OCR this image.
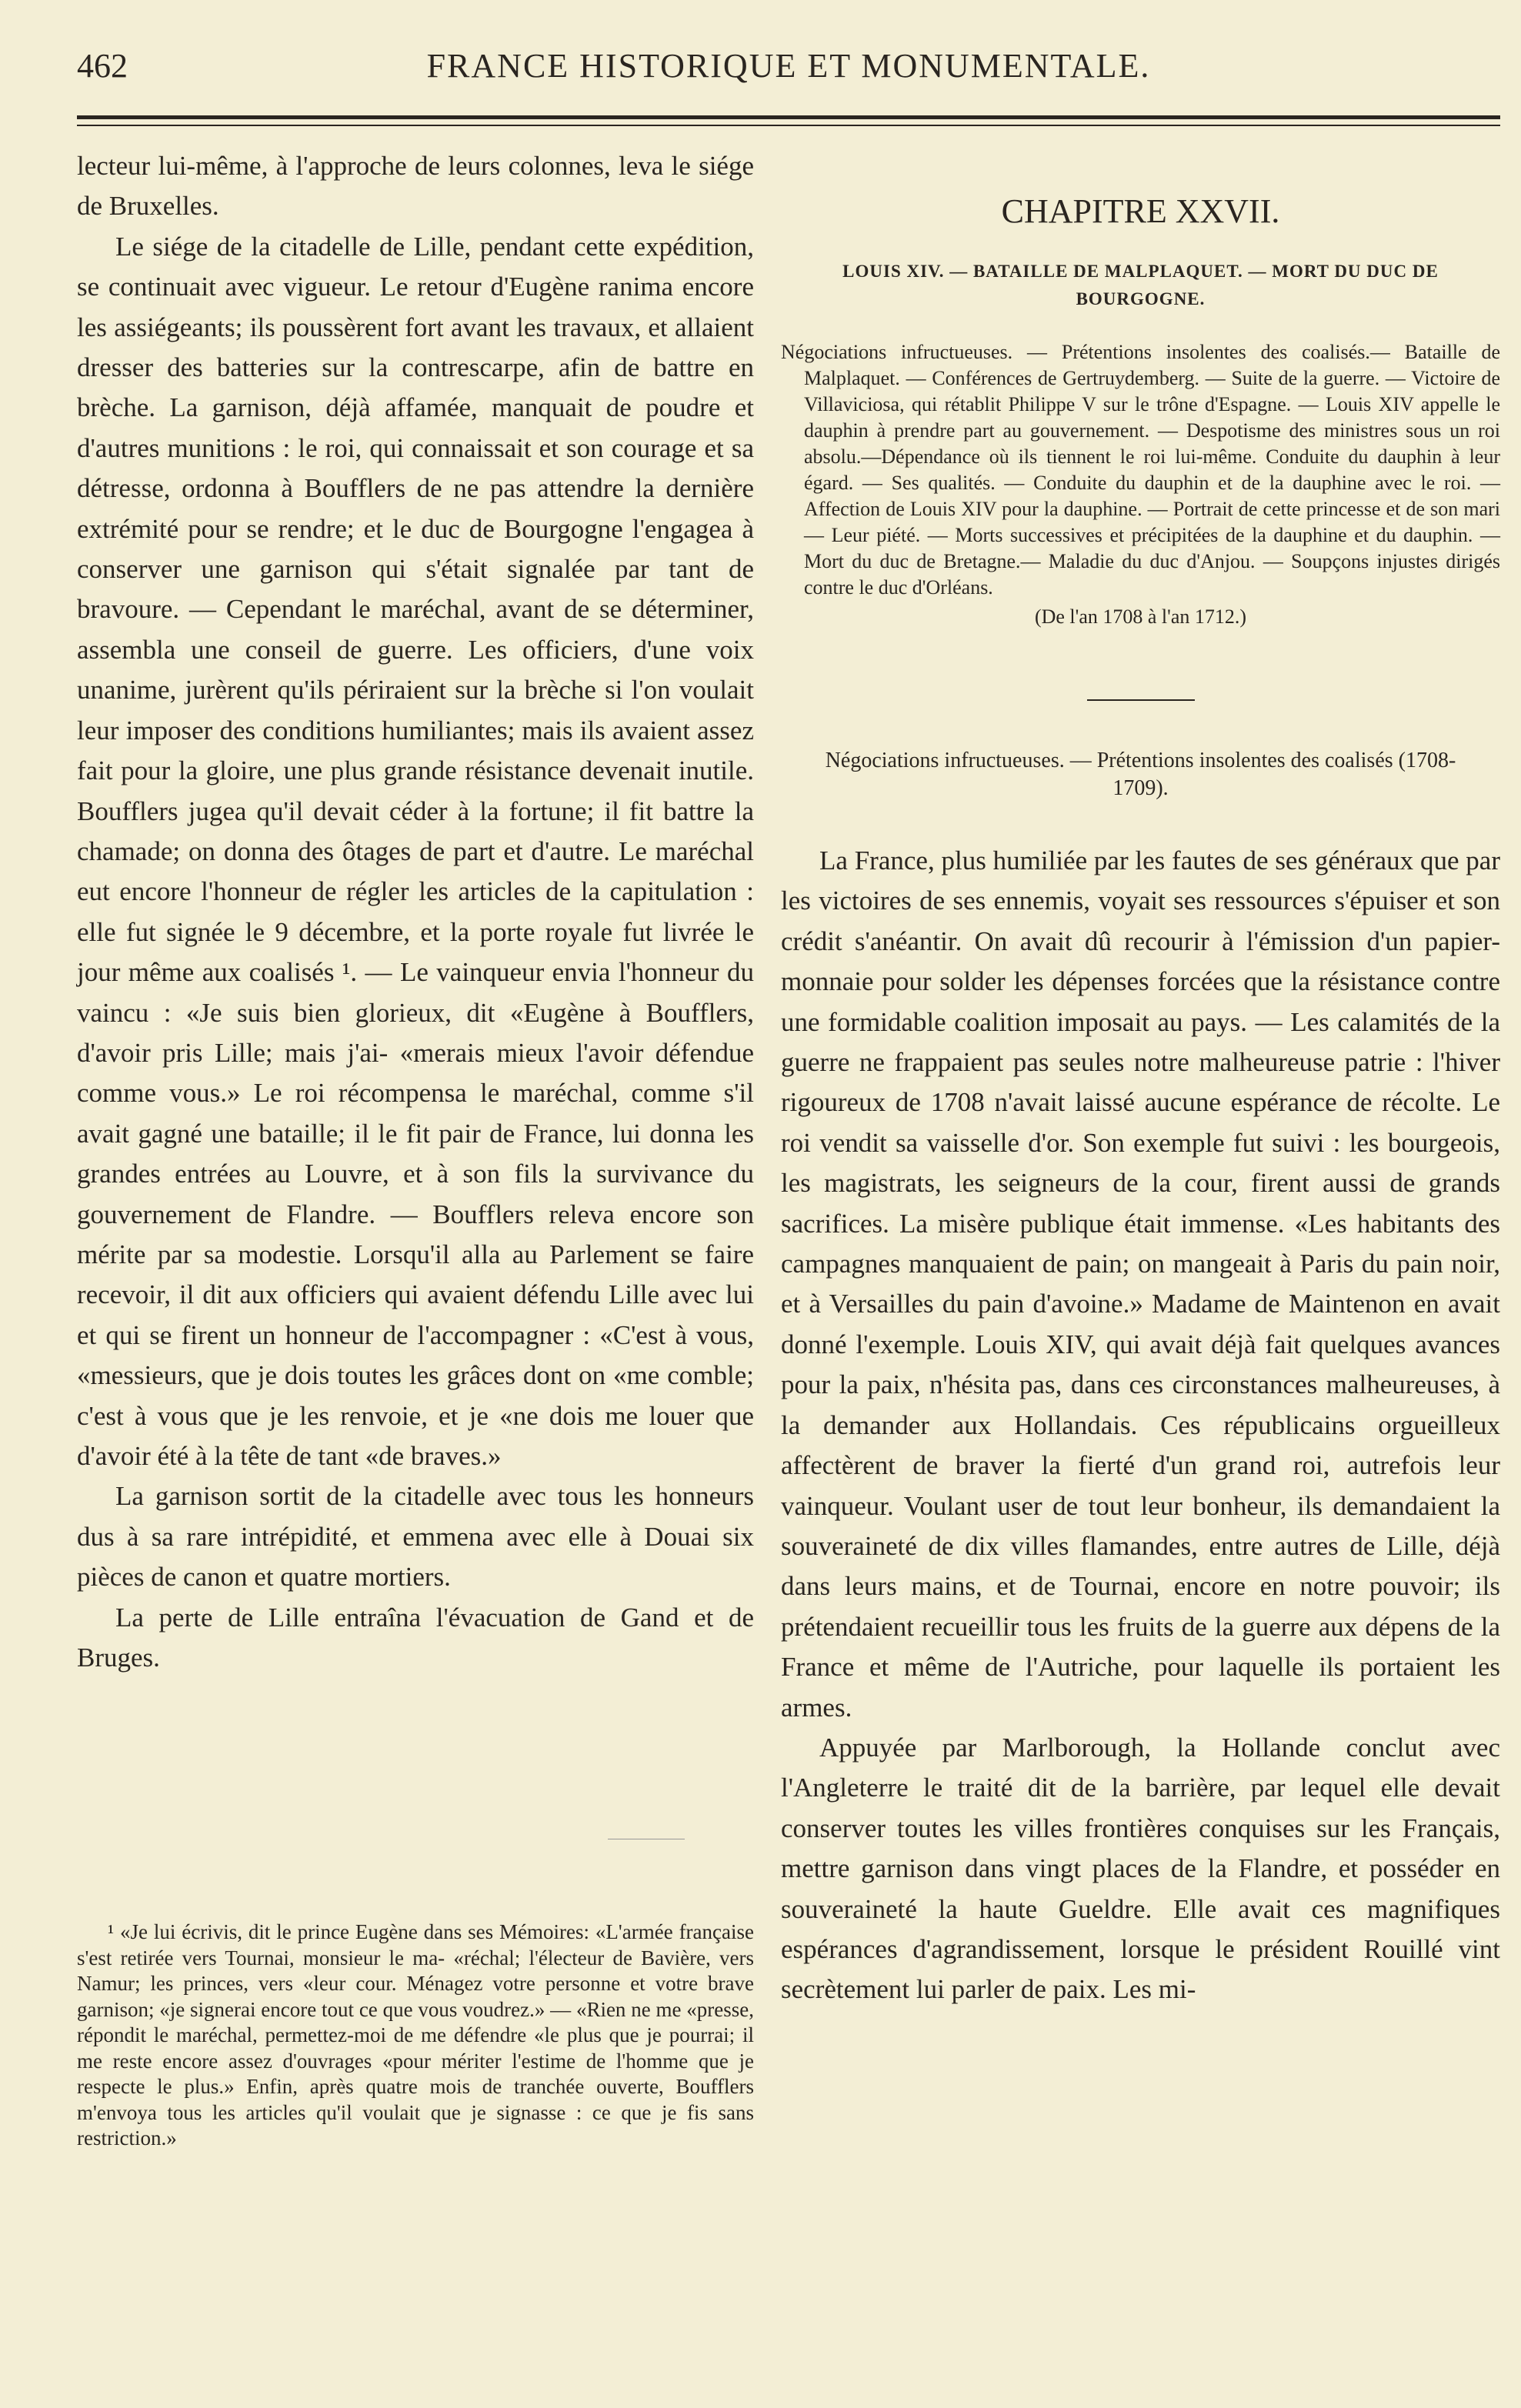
462	FRANCE HISTORIQUE ET MONUMENTALE.

lecteur lui-même, à l'approche de leurs colonnes, leva le siége de Bruxelles.

Le siége de la citadelle de Lille, pendant cette expédition, se continuait avec vigueur. Le retour d'Eugène ranima encore les assiégeants; ils poussèrent fort avant les travaux, et allaient dresser des batteries sur la contrescarpe, afin de battre en brèche. La garnison, déjà affamée, manquait de poudre et d'autres munitions : le roi, qui connaissait et son courage et sa détresse, ordonna à Boufflers de ne pas attendre la dernière extrémité pour se rendre; et le duc de Bourgogne l'engagea à conserver une garnison qui s'était signalée par tant de bravoure. — Cependant le maréchal, avant de se déterminer, assembla une conseil de guerre. Les officiers, d'une voix unanime, jurèrent qu'ils périraient sur la brèche si l'on voulait leur imposer des conditions humiliantes; mais ils avaient assez fait pour la gloire, une plus grande résistance devenait inutile. Boufflers jugea qu'il devait céder à la fortune; il fit battre la chamade; on donna des ôtages de part et d'autre. Le maréchal eut encore l'honneur de régler les articles de la capitulation : elle fut signée le 9 décembre, et la porte royale fut livrée le jour même aux coalisés ¹. — Le vainqueur envia l'honneur du vaincu : «Je suis bien glorieux, dit «Eugène à Boufflers, d'avoir pris Lille; mais j'ai- «merais mieux l'avoir défendue comme vous.» Le roi récompensa le maréchal, comme s'il avait gagné une bataille; il le fit pair de France, lui donna les grandes entrées au Louvre, et à son fils la survivance du gouvernement de Flandre. — Boufflers releva encore son mérite par sa modestie. Lorsqu'il alla au Parlement se faire recevoir, il dit aux officiers qui avaient défendu Lille avec lui et qui se firent un honneur de l'accompagner : «C'est à vous, «messieurs, que je dois toutes les grâces dont on «me comble; c'est à vous que je les renvoie, et je «ne dois me louer que d'avoir été à la tête de tant «de braves.»

La garnison sortit de la citadelle avec tous les honneurs dus à sa rare intrépidité, et emmena avec elle à Douai six pièces de canon et quatre mortiers.

La perte de Lille entraîna l'évacuation de Gand et de Bruges.

¹ «Je lui écrivis, dit le prince Eugène dans ses Mémoires: «L'armée française s'est retirée vers Tournai, monsieur le ma- «réchal; l'électeur de Bavière, vers Namur; les princes, vers «leur cour. Ménagez votre personne et votre brave garnison; «je signerai encore tout ce que vous voudrez.» — «Rien ne me «presse, répondit le maréchal, permettez-moi de me défendre «le plus que je pourrai; il me reste encore assez d'ouvrages «pour mériter l'estime de l'homme que je respecte le plus.» Enfin, après quatre mois de tranchée ouverte, Boufflers m'envoya tous les articles qu'il voulait que je signasse : ce que je fis sans restriction.»

CHAPITRE XXVII.
LOUIS XIV. — BATAILLE DE MALPLAQUET. — MORT DU DUC DE BOURGOGNE.
Négociations infructueuses. — Prétentions insolentes des coalisés.— Bataille de Malplaquet. — Conférences de Gertruydemberg. — Suite de la guerre. — Victoire de Villaviciosa, qui rétablit Philippe V sur le trône d'Espagne. — Louis XIV appelle le dauphin à prendre part au gouvernement. — Despotisme des ministres sous un roi absolu.—Dépendance où ils tiennent le roi lui-même. Conduite du dauphin à leur égard. — Ses qualités. — Conduite du dauphin et de la dauphine avec le roi. — Affection de Louis XIV pour la dauphine. — Portrait de cette princesse et de son mari — Leur piété. — Morts successives et précipitées de la dauphine et du dauphin. — Mort du duc de Bretagne.— Maladie du duc d'Anjou. — Soupçons injustes dirigés contre le duc d'Orléans.
(De l'an 1708 à l'an 1712.)
Négociations infructueuses. — Prétentions insolentes des coalisés (1708-1709).

La France, plus humiliée par les fautes de ses généraux que par les victoires de ses ennemis, voyait ses ressources s'épuiser et son crédit s'anéantir. On avait dû recourir à l'émission d'un papier-monnaie pour solder les dépenses forcées que la résistance contre une formidable coalition imposait au pays. — Les calamités de la guerre ne frappaient pas seules notre malheureuse patrie : l'hiver rigoureux de 1708 n'avait laissé aucune espérance de récolte. Le roi vendit sa vaisselle d'or. Son exemple fut suivi : les bourgeois, les magistrats, les seigneurs de la cour, firent aussi de grands sacrifices. La misère publique était immense. «Les habitants des campagnes manquaient de pain; on mangeait à Paris du pain noir, et à Versailles du pain d'avoine.» Madame de Maintenon en avait donné l'exemple. Louis XIV, qui avait déjà fait quelques avances pour la paix, n'hésita pas, dans ces circonstances malheureuses, à la demander aux Hollandais. Ces républicains orgueilleux affectèrent de braver la fierté d'un grand roi, autrefois leur vainqueur. Voulant user de tout leur bonheur, ils demandaient la souveraineté de dix villes flamandes, entre autres de Lille, déjà dans leurs mains, et de Tournai, encore en notre pouvoir; ils prétendaient recueillir tous les fruits de la guerre aux dépens de la France et même de l'Autriche, pour laquelle ils portaient les armes.

Appuyée par Marlborough, la Hollande conclut avec l'Angleterre le traité dit de la barrière, par lequel elle devait conserver toutes les villes frontières conquises sur les Français, mettre garnison dans vingt places de la Flandre, et posséder en souveraineté la haute Gueldre. Elle avait ces magnifiques espérances d'agrandissement, lorsque le président Rouillé vint secrètement lui parler de paix. Les mi-
